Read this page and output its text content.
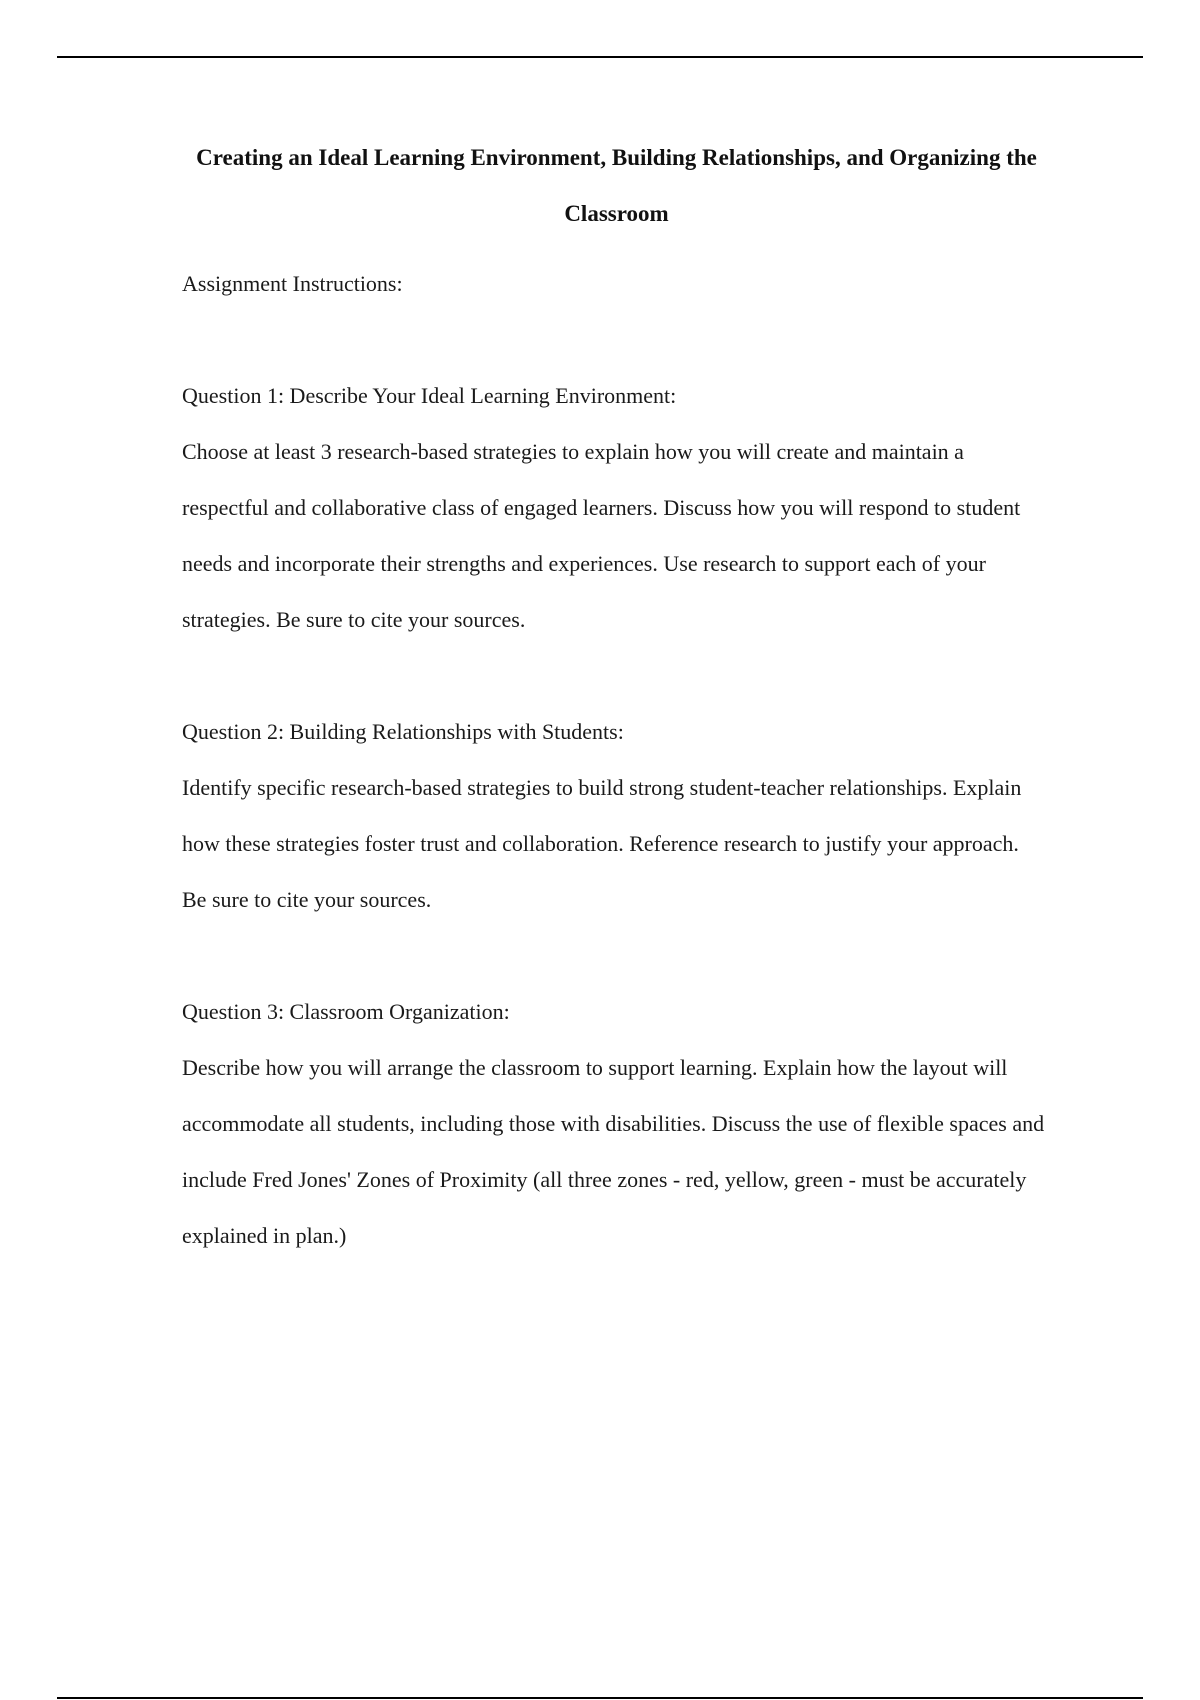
Creating an Ideal Learning Environment, Building Relationships, and Organizing the Classroom

Assignment Instructions:

Question 1: Describe Your Ideal Learning Environment:

Choose at least 3 research-based strategies to explain how you will create and maintain a respectful and collaborative class of engaged learners. Discuss how you will respond to student needs and incorporate their strengths and experiences. Use research to support each of your strategies. Be sure to cite your sources.

Question 2: Building Relationships with Students:

Identify specific research-based strategies to build strong student-teacher relationships. Explain how these strategies foster trust and collaboration. Reference research to justify your approach. Be sure to cite your sources.

Question 3: Classroom Organization:

Describe how you will arrange the classroom to support learning. Explain how the layout will accommodate all students, including those with disabilities. Discuss the use of flexible spaces and include Fred Jones' Zones of Proximity (all three zones - red, yellow, green - must be accurately explained in plan.)
